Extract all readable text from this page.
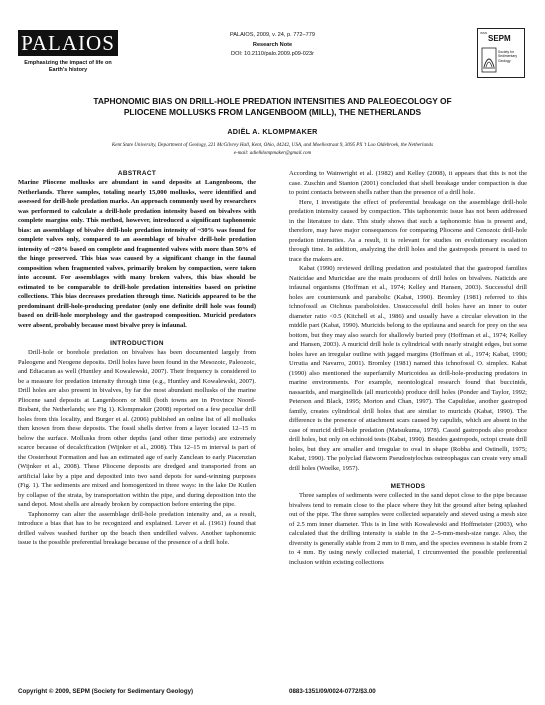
PALAIOS
Emphasizing the impact of life on
Earth’s history
PALAIOS, 2009, v. 24, p. 772–779
Research Note
DOI: 10.2110/palo.2009.p09-023r
ISSN
SEPM
Society for Sedimentary Geology
TAPHONOMIC BIAS ON DRILL-HOLE PREDATION INTENSITIES AND PALEOECOLOGY OF
PLIOCENE MOLLUSKS FROM LANGENBOOM (MILL), THE NETHERLANDS
ADIËL A. KLOMPMAKER
Kent State University, Department of Geology, 221 McGilvrey Hall, Kent, Ohio, 44242, USA, and Moellestraat 9, 3095 PX ’t Loo Oldebroek, the Netherlands
e-mail: adielklompmaker@gmail.com
ABSTRACT

Marine Pliocene mollusks are abundant in sand deposits at Langenboom, the Netherlands. Three samples, totaling nearly 15,000 mollusks, were identified and assessed for drill-hole predation marks. An approach commonly used by researchers was performed to calculate a drill-hole predation intensity based on bivalves with complete margins only. This method, however, introduced a significant taphonomic bias: an assemblage of bivalve drill-hole predation intensity of ~30% was found for complete valves only, compared to an assemblage of bivalve drill-hole predation intensity of ~20% based on complete and fragmented valves with more than 50% of the hinge preserved. This bias was caused by a significant change in the faunal composition when fragmented valves, primarily broken by compaction, were taken into account. For assemblages with many broken valves, this bias should be estimated to be comparable to drill-hole predation intensities based on pristine collections. This bias decreases predation through time. Naticids appeared to be the predominant drill-hole-producing predator (only one definite drill hole was found) based on drill-hole morphology and the gastropod composition. Muricid predators were absent, probably because most bivalve prey is infaunal.

INTRODUCTION

Drill-hole or borehole predation on bivalves has been documented largely from Paleogene and Neogene deposits. Drill holes have been found in the Mesozoic, Paleozoic, and Ediacaran as well (Huntley and Kowalewski, 2007). Their frequency is considered to be a measure for predation intensity through time (e.g., Huntley and Kowalewski, 2007). Drill holes are also present in bivalves, by far the most abundant mollusks of the marine Pliocene sand deposits at Langenboom or Mill (both towns are in Province Noord-Brabant, the Netherlands; see Fig 1). Klompmaker (2008) reported on a few peculiar drill holes from this locality, and Burger et al. (2006) published an online list of all mollusks then known from these deposits. The fossil shells derive from a layer located 12–15 m below the surface. Mollusks from other depths (and other time periods) are extremely scarce because of decalcification (Wijnker et al., 2008). This 12–15 m interval is part of the Oosterhout Formation and has an estimated age of early Zanclean to early Piacenzian (Wijnker et al., 2008). These Pliocene deposits are dredged and transported from an artificial lake by a pipe and deposited into two sand depots for sand-winning purposes (Fig. 1). The sediments are mixed and homogenized in three ways: in the lake De Kuilen by collapse of the strata, by transportation within the pipe, and during deposition into the sand depot. Most shells are already broken by compaction before entering the pipe.

Taphonomy can alter the assemblage drill-hole predation intensity and, as a result, introduce a bias that has to be recognized and explained. Lever et al. (1961) found that drilled valves washed further up the beach then undrilled valves. Another taphonomic issue is the possible preferential breakage because of the presence of a drill hole.

According to Wainwright et al. (1982) and Kelley (2008), it appears that this is not the case. Zuschin and Stanton (2001) concluded that shell breakage under compaction is due to point contacts between shells rather than the presence of a drill hole.

Here, I investigate the effect of preferential breakage on the assemblage drill-hole predation intensity caused by compaction. This taphonomic issue has not been addressed in the literature to date. This study shows that such a taphonomic bias is present and, therefore, may have major consequences for comparing Pliocene and Cenozoic drill-hole predation intensities. As a result, it is relevant for studies on evolutionary escalation through time. In addition, analyzing the drill holes and the gastropods present is used to trace the makers are.

Kabat (1990) reviewed drilling predation and postulated that the gastropod families Naticidae and Muricidae are the main producers of drill holes on bivalves. Naticids are infaunal organisms (Hoffman et al., 1974; Kelley and Hansen, 2003). Successful drill holes are countersunk and parabolic (Kabat, 1990). Bromley (1981) referred to this ichnofossil as Oichnus paraboloides. Unsuccessful drill holes have an inner to outer diameter ratio <0.5 (Kitchell et al., 1986) and usually have a circular elevation in the middle part (Kabat, 1990). Muricids belong to the epifauna and search for prey on the sea bottom, but they may also search for shallowly buried prey (Hoffman et al., 1974; Kelley and Hansen, 2003). A muricid drill hole is cylindrical with nearly straight edges, but some holes have an irregular outline with jagged margins (Hoffman et al., 1974; Kabat, 1990; Urrutia and Navarro, 2001). Bromley (1981) named this ichnofossil O. simplex. Kabat (1990) also mentioned the superfamily Muricoidea as drill-hole-producing predators in marine environments. For example, neontological research found that buccinids, nassariids, and marginellids (all muricoids) produce drill holes (Ponder and Taylor, 1992; Peterson and Black, 1995; Morton and Chan, 1997). The Capulidae, another gastropod family, creates cylindrical drill holes that are similar to muricids (Kabat, 1990). The difference is the presence of attachment scars caused by capulids, which are absent in the case of muricid drill-hole predation (Matsukuma, 1978). Cassid gastropods also produce drill holes, but only on echinoid tests (Kabat, 1990). Besides gastropods, octopi create drill holes, but they are smaller and irregular to oval in shape (Robba and Ostinelli, 1975; Kabat, 1990). The polyclad flatworm Pseudostylochus ostreophagus can create very small drill holes (Woelke, 1957).

METHODS

Three samples of sediments were collected in the sand depot close to the pipe because bivalves tend to remain close to the place where they hit the ground after being splashed out of the pipe. The three samples were collected separately and sieved using a mesh size of 2.5 mm inner diameter. This is in line with Kowalewski and Hoffmeister (2003), who calculated that the drilling intensity is stable in the 2–5-mm-mesh-size range. Also, the diversity is generally stable from 2 mm to 8 mm, and the species evenness is stable from 2 to 4 mm. By using newly collected material, I circumvented the possible preferential inclusion within existing collections

Copyright © 2009, SEPM (Society for Sedimentary Geology)	0883-1351/09/0024-0772/$3.00
